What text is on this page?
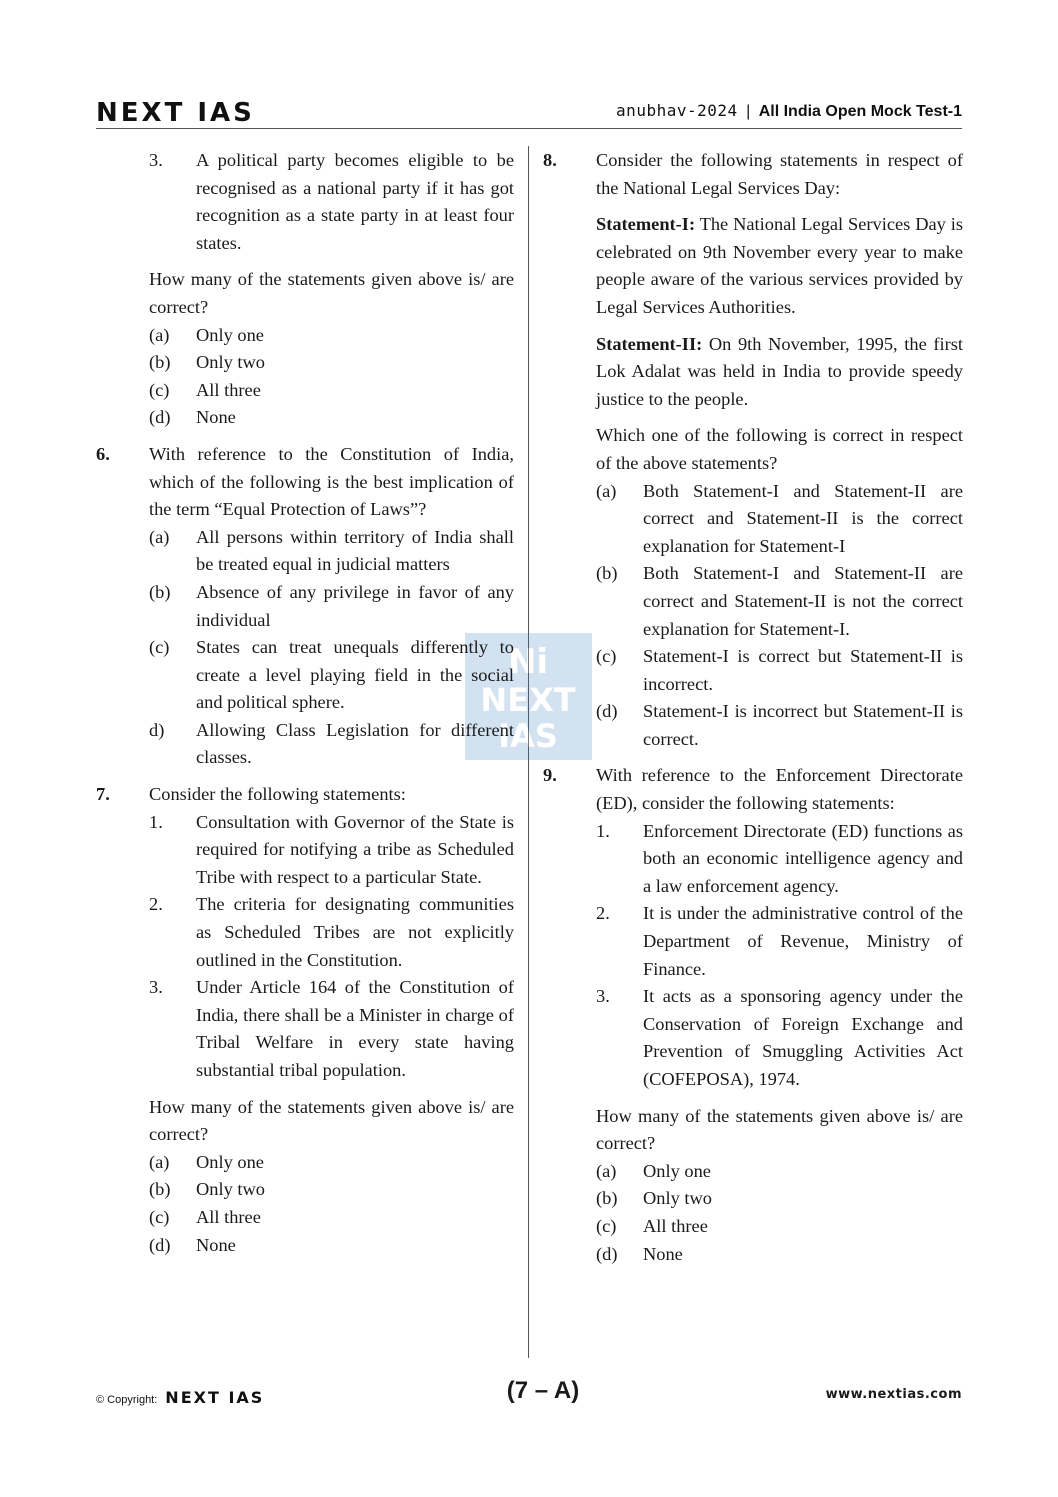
NEXT IAS	anubhav-2024 | All India Open Mock Test-1
Ni
NEXT
IAS
3.	A political party becomes eligible to be recognised as a national party if it has got recognition as a state party in at least four states.

How many of the statements given above is/ are correct?

(a)	Only one
(b)	Only two
(c)	All three
(d)	None
6.	With reference to the Constitution of India, which of the following is the best implication of the term “Equal Protection of Laws”?

(a)	All persons within territory of India shall be treated equal in judicial matters
(b)	Absence of any privilege in favor of any individual
(c)	States can treat unequals differently to create a level playing field in the social and political sphere.
d)	Allowing Class Legislation for different classes.
7.	Consider the following statements:

1.	Consultation with Governor of the State is required for notifying a tribe as Scheduled Tribe with respect to a particular State.
2.	The criteria for designating communities as Scheduled Tribes are not explicitly outlined in the Constitution.
3.	Under Article 164 of the Constitution of India, there shall be a Minister in charge of Tribal Welfare in every state having substantial tribal population.

How many of the statements given above is/ are correct?

(a)	Only one
(b)	Only two
(c)	All three
(d)	None
8.	Consider the following statements in respect of the National Legal Services Day:

Statement-I: The National Legal Services Day is celebrated on 9th November every year to make people aware of the various services provided by Legal Services Authorities.

Statement-II: On 9th November, 1995, the first Lok Adalat was held in India to provide speedy justice to the people.

Which one of the following is correct in respect of the above statements?

(a)	Both Statement-I and Statement-II are correct and Statement-II is the correct explanation for Statement-I
(b)	Both Statement-I and Statement-II are correct and Statement-II is not the correct explanation for Statement-I.
(c)	Statement-I is correct but Statement-II is incorrect.
(d)	Statement-I is incorrect but Statement-II is correct.
9.	With reference to the Enforcement Directorate (ED), consider the following statements:

1.	Enforcement Directorate (ED) functions as both an economic intelligence agency and a law enforcement agency.
2.	It is under the administrative control of the Department of Revenue, Ministry of Finance.
3.	It acts as a sponsoring agency under the Conservation of Foreign Exchange and Prevention of Smuggling Activities Act (COFEPOSA), 1974.

How many of the statements given above is/ are correct?

(a)	Only one
(b)	Only two
(c)	All three
(d)	None
© Copyright: NEXT IAS	(7 – A)	www.nextias.com
